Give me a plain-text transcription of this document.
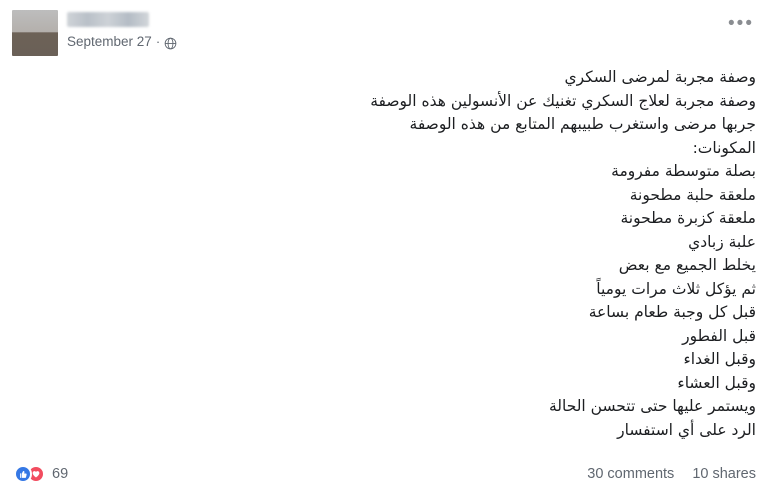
September 27 ·
•••
وصفة مجربة لمرضى السكري
وصفة مجربة لعلاج السكري تغنيك عن الأنسولين هذه الوصفة
جربها مرضى واستغرب طبيبهم المتابع من هذه الوصفة
المكونات:
بصلة متوسطة مفرومة
ملعقة حلبة مطحونة
ملعقة كزبرة مطحونة
علبة زبادي
يخلط الجميع مع بعض
ثم يؤكل ثلاث مرات يومياً
قبل كل وجبة طعام بساعة
قبل الفطور
وقبل الغداء
وقبل العشاء
ويستمر عليها حتى تتحسن الحالة
الرد على أي استفسار
69	30 comments 10 shares
